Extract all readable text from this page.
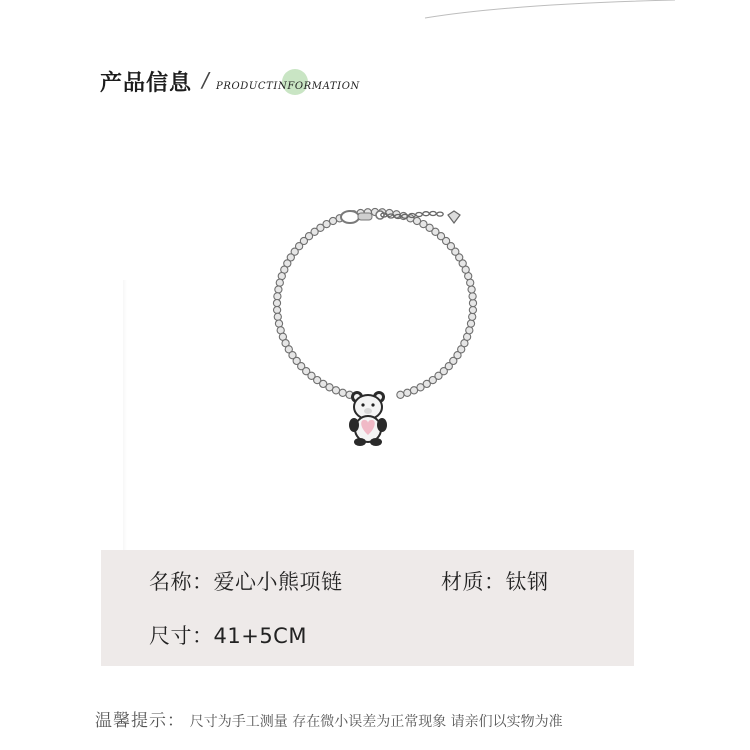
产品信息 / PRODUCTINFORMATION
名称：爱心小熊项链	材质：钛钢
尺寸：41+5CM
温馨提示： 尺寸为手工测量 存在微小误差为正常现象 请亲们以实物为准
